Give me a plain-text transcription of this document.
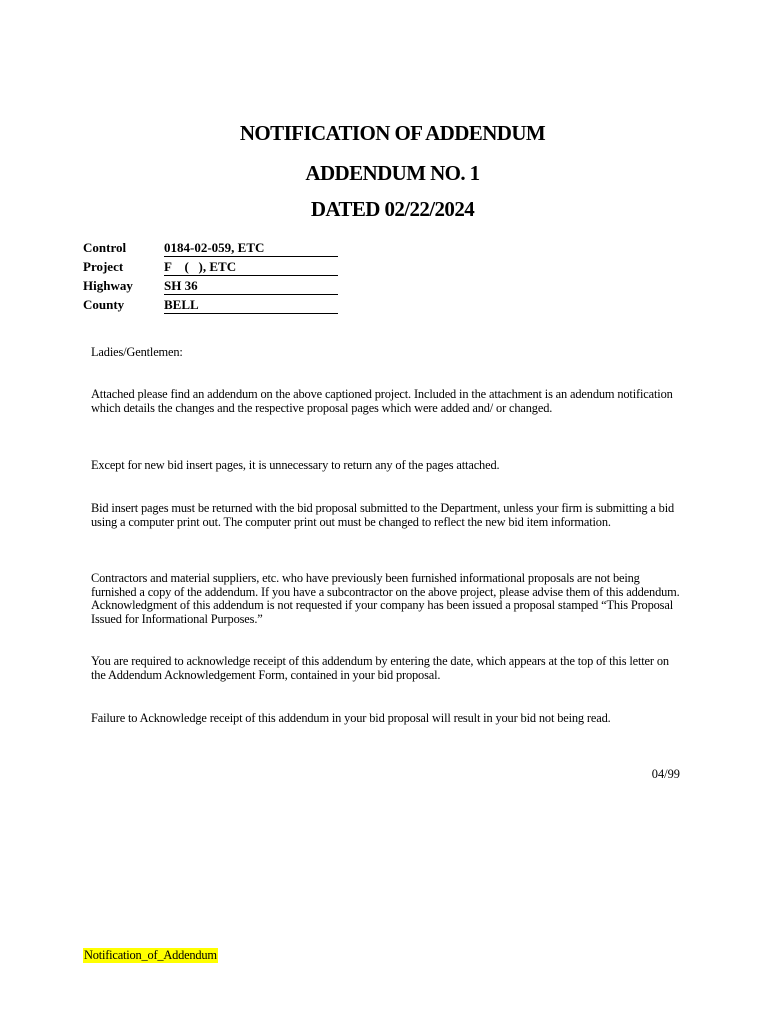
NOTIFICATION OF ADDENDUM
ADDENDUM NO. 1
DATED 02/22/2024
Control	0184-02-059, ETC
Project	F    (   ), ETC
Highway SH 36
County	BELL
Ladies/Gentlemen:
Attached please find an addendum on the above captioned project. Included in the attachment is an adendum notification which details the changes and the respective proposal pages which were added and/ or changed.
Except for new bid insert pages, it is unnecessary to return any of the pages attached.
Bid insert pages must be returned with the bid proposal submitted to the Department, unless your firm is submitting a bid using a computer print out. The computer print out must be changed to reflect the new bid item information.
Contractors and material suppliers, etc. who have previously been furnished informational proposals are not being furnished a copy of the addendum. If you have a subcontractor on the above project, please advise them of this addendum. Acknowledgment of this addendum is not requested if your company has been issued a proposal stamped “This Proposal Issued for Informational Purposes.”
You are required to acknowledge receipt of this addendum by entering the date, which appears at the top of this letter on the Addendum Acknowledgement Form, contained in your bid proposal.
Failure to Acknowledge receipt of this addendum in your bid proposal will result in your bid not being read.
04/99
Notification_of_Addendum
